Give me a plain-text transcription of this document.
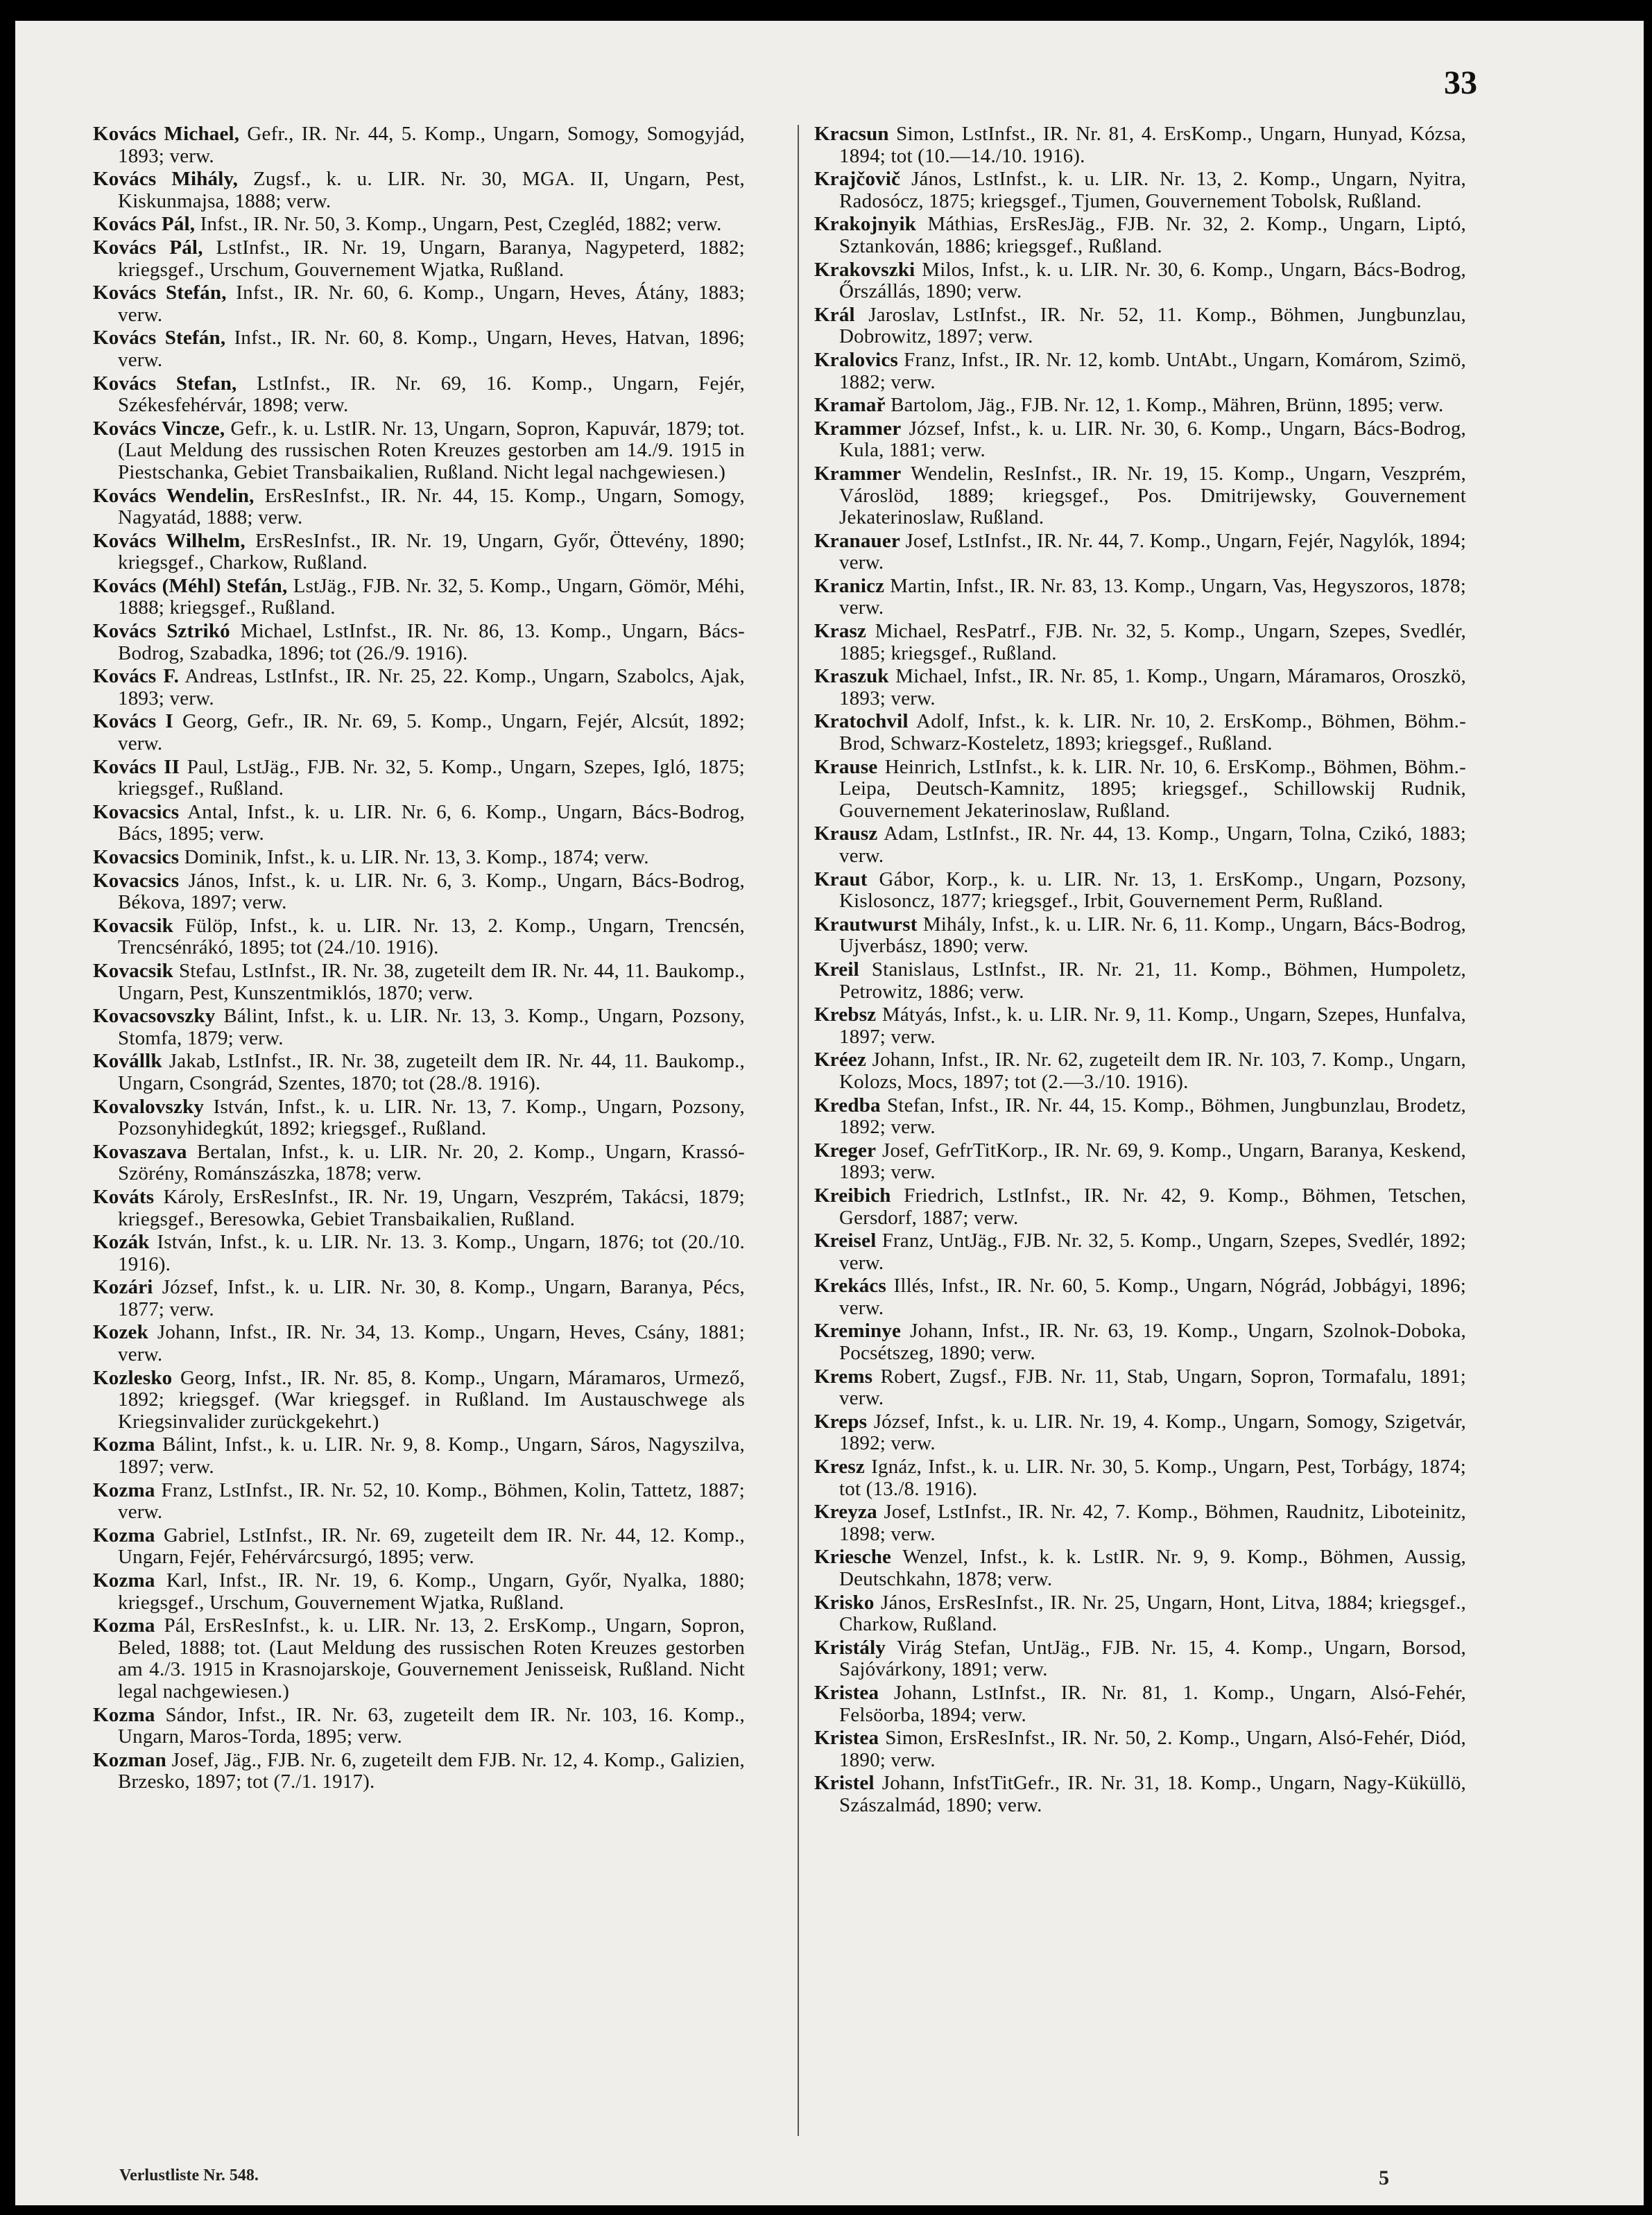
33

Kovács Michael, Gefr., IR. Nr. 44, 5. Komp., Ungarn, Somogy, Somogyjád, 1893; verw.

Kovács Mihály, Zugsf., k. u. LIR. Nr. 30, MGA. II, Ungarn, Pest, Kiskunmajsa, 1888; verw.

Kovács Pál, Infst., IR. Nr. 50, 3. Komp., Ungarn, Pest, Czegléd, 1882; verw.

Kovács Pál, LstInfst., IR. Nr. 19, Ungarn, Baranya, Nagypeterd, 1882; kriegsgef., Urschum, Gouvernement Wjatka, Rußland.

Kovács Stefán, Infst., IR. Nr. 60, 6. Komp., Ungarn, Heves, Átány, 1883; verw.

Kovács Stefán, Infst., IR. Nr. 60, 8. Komp., Ungarn, Heves, Hatvan, 1896; verw.

Kovács Stefan, LstInfst., IR. Nr. 69, 16. Komp., Ungarn, Fejér, Székesfehérvár, 1898; verw.

Kovács Vincze, Gefr., k. u. LstIR. Nr. 13, Ungarn, Sopron, Kapuvár, 1879; tot. (Laut Meldung des russischen Roten Kreuzes gestorben am 14./9. 1915 in Piestschanka, Gebiet Transbaikalien, Rußland. Nicht legal nachgewiesen.)

Kovács Wendelin, ErsResInfst., IR. Nr. 44, 15. Komp., Ungarn, Somogy, Nagyatád, 1888; verw.

Kovács Wilhelm, ErsResInfst., IR. Nr. 19, Ungarn, Győr, Öttevény, 1890; kriegsgef., Charkow, Rußland.

Kovács (Méhl) Stefán, LstJäg., FJB. Nr. 32, 5. Komp., Ungarn, Gömör, Méhi, 1888; kriegsgef., Rußland.

Kovács Sztrikó Michael, LstInfst., IR. Nr. 86, 13. Komp., Ungarn, Bács-Bodrog, Szabadka, 1896; tot (26./9. 1916).

Kovács F. Andreas, LstInfst., IR. Nr. 25, 22. Komp., Ungarn, Szabolcs, Ajak, 1893; verw.

Kovács I Georg, Gefr., IR. Nr. 69, 5. Komp., Ungarn, Fejér, Alcsút, 1892; verw.

Kovács II Paul, LstJäg., FJB. Nr. 32, 5. Komp., Ungarn, Szepes, Igló, 1875; kriegsgef., Rußland.

Kovacsics Antal, Infst., k. u. LIR. Nr. 6, 6. Komp., Ungarn, Bács-Bodrog, Bács, 1895; verw.

Kovacsics Dominik, Infst., k. u. LIR. Nr. 13, 3. Komp., 1874; verw.

Kovacsics János, Infst., k. u. LIR. Nr. 6, 3. Komp., Ungarn, Bács-Bodrog, Békova, 1897; verw.

Kovacsik Fülöp, Infst., k. u. LIR. Nr. 13, 2. Komp., Ungarn, Trencsén, Trencsénrákó, 1895; tot (24./10. 1916).

Kovacsik Stefau, LstInfst., IR. Nr. 38, zugeteilt dem IR. Nr. 44, 11. Baukomp., Ungarn, Pest, Kunszentmiklós, 1870; verw.

Kovacsovszky Bálint, Infst., k. u. LIR. Nr. 13, 3. Komp., Ungarn, Pozsony, Stomfa, 1879; verw.

Kovállk Jakab, LstInfst., IR. Nr. 38, zugeteilt dem IR. Nr. 44, 11. Baukomp., Ungarn, Csongrád, Szentes, 1870; tot (28./8. 1916).

Kovalovszky István, Infst., k. u. LIR. Nr. 13, 7. Komp., Ungarn, Pozsony, Pozsonyhidegkút, 1892; kriegsgef., Rußland.

Kovaszava Bertalan, Infst., k. u. LIR. Nr. 20, 2. Komp., Ungarn, Krassó-Szörény, Románszászka, 1878; verw.

Kováts Károly, ErsResInfst., IR. Nr. 19, Ungarn, Veszprém, Takácsi, 1879; kriegsgef., Beresowka, Gebiet Transbaikalien, Rußland.

Kozák István, Infst., k. u. LIR. Nr. 13. 3. Komp., Ungarn, 1876; tot (20./10. 1916).

Kozári József, Infst., k. u. LIR. Nr. 30, 8. Komp., Ungarn, Baranya, Pécs, 1877; verw.

Kozek Johann, Infst., IR. Nr. 34, 13. Komp., Ungarn, Heves, Csány, 1881; verw.

Kozlesko Georg, Infst., IR. Nr. 85, 8. Komp., Ungarn, Máramaros, Urmező, 1892; kriegsgef. (War kriegsgef. in Rußland. Im Austauschwege als Kriegsinvalider zurückgekehrt.)

Kozma Bálint, Infst., k. u. LIR. Nr. 9, 8. Komp., Ungarn, Sáros, Nagyszilva, 1897; verw.

Kozma Franz, LstInfst., IR. Nr. 52, 10. Komp., Böhmen, Kolin, Tattetz, 1887; verw.

Kozma Gabriel, LstInfst., IR. Nr. 69, zugeteilt dem IR. Nr. 44, 12. Komp., Ungarn, Fejér, Fehérvárcsurgó, 1895; verw.

Kozma Karl, Infst., IR. Nr. 19, 6. Komp., Ungarn, Győr, Nyalka, 1880; kriegsgef., Urschum, Gouvernement Wjatka, Rußland.

Kozma Pál, ErsResInfst., k. u. LIR. Nr. 13, 2. ErsKomp., Ungarn, Sopron, Beled, 1888; tot. (Laut Meldung des russischen Roten Kreuzes gestorben am 4./3. 1915 in Krasnojarskoje, Gouvernement Jenisseisk, Rußland. Nicht legal nachgewiesen.)

Kozma Sándor, Infst., IR. Nr. 63, zugeteilt dem IR. Nr. 103, 16. Komp., Ungarn, Maros-Torda, 1895; verw.

Kozman Josef, Jäg., FJB. Nr. 6, zugeteilt dem FJB. Nr. 12, 4. Komp., Galizien, Brzesko, 1897; tot (7./1. 1917).

Kracsun Simon, LstInfst., IR. Nr. 81, 4. ErsKomp., Ungarn, Hunyad, Kózsa, 1894; tot (10.—14./10. 1916).

Krajčovič János, LstInfst., k. u. LIR. Nr. 13, 2. Komp., Ungarn, Nyitra, Radosócz, 1875; kriegsgef., Tjumen, Gouvernement Tobolsk, Rußland.

Krakojnyik Máthias, ErsResJäg., FJB. Nr. 32, 2. Komp., Ungarn, Liptó, Sztankován, 1886; kriegsgef., Rußland.

Krakovszki Milos, Infst., k. u. LIR. Nr. 30, 6. Komp., Ungarn, Bács-Bodrog, Őrszállás, 1890; verw.

Král Jaroslav, LstInfst., IR. Nr. 52, 11. Komp., Böhmen, Jungbunzlau, Dobrowitz, 1897; verw.

Kralovics Franz, Infst., IR. Nr. 12, komb. UntAbt., Ungarn, Komárom, Szimö, 1882; verw.

Kramař Bartolom, Jäg., FJB. Nr. 12, 1. Komp., Mähren, Brünn, 1895; verw.

Krammer József, Infst., k. u. LIR. Nr. 30, 6. Komp., Ungarn, Bács-Bodrog, Kula, 1881; verw.

Krammer Wendelin, ResInfst., IR. Nr. 19, 15. Komp., Ungarn, Veszprém, Városlöd, 1889; kriegsgef., Pos. Dmitrijewsky, Gouvernement Jekaterinoslaw, Rußland.

Kranauer Josef, LstInfst., IR. Nr. 44, 7. Komp., Ungarn, Fejér, Nagylók, 1894; verw.

Kranicz Martin, Infst., IR. Nr. 83, 13. Komp., Ungarn, Vas, Hegyszoros, 1878; verw.

Krasz Michael, ResPatrf., FJB. Nr. 32, 5. Komp., Ungarn, Szepes, Svedlér, 1885; kriegsgef., Rußland.

Kraszuk Michael, Infst., IR. Nr. 85, 1. Komp., Ungarn, Máramaros, Oroszkö, 1893; verw.

Kratochvil Adolf, Infst., k. k. LIR. Nr. 10, 2. ErsKomp., Böhmen, Böhm.-Brod, Schwarz-Kosteletz, 1893; kriegsgef., Rußland.

Krause Heinrich, LstInfst., k. k. LIR. Nr. 10, 6. ErsKomp., Böhmen, Böhm.-Leipa, Deutsch-Kamnitz, 1895; kriegsgef., Schillowskij Rudnik, Gouvernement Jekaterinoslaw, Rußland.

Krausz Adam, LstInfst., IR. Nr. 44, 13. Komp., Ungarn, Tolna, Czikó, 1883; verw.

Kraut Gábor, Korp., k. u. LIR. Nr. 13, 1. ErsKomp., Ungarn, Pozsony, Kislosoncz, 1877; kriegsgef., Irbit, Gouvernement Perm, Rußland.

Krautwurst Mihály, Infst., k. u. LIR. Nr. 6, 11. Komp., Ungarn, Bács-Bodrog, Ujverbász, 1890; verw.

Kreil Stanislaus, LstInfst., IR. Nr. 21, 11. Komp., Böhmen, Humpoletz, Petrowitz, 1886; verw.

Krebsz Mátyás, Infst., k. u. LIR. Nr. 9, 11. Komp., Ungarn, Szepes, Hunfalva, 1897; verw.

Kréez Johann, Infst., IR. Nr. 62, zugeteilt dem IR. Nr. 103, 7. Komp., Ungarn, Kolozs, Mocs, 1897; tot (2.—3./10. 1916).

Kredba Stefan, Infst., IR. Nr. 44, 15. Komp., Böhmen, Jungbunzlau, Brodetz, 1892; verw.

Kreger Josef, GefrTitKorp., IR. Nr. 69, 9. Komp., Ungarn, Baranya, Keskend, 1893; verw.

Kreibich Friedrich, LstInfst., IR. Nr. 42, 9. Komp., Böhmen, Tetschen, Gersdorf, 1887; verw.

Kreisel Franz, UntJäg., FJB. Nr. 32, 5. Komp., Ungarn, Szepes, Svedlér, 1892; verw.

Krekács Illés, Infst., IR. Nr. 60, 5. Komp., Ungarn, Nógrád, Jobbágyi, 1896; verw.

Kreminye Johann, Infst., IR. Nr. 63, 19. Komp., Ungarn, Szolnok-Doboka, Pocsétszeg, 1890; verw.

Krems Robert, Zugsf., FJB. Nr. 11, Stab, Ungarn, Sopron, Tormafalu, 1891; verw.

Kreps József, Infst., k. u. LIR. Nr. 19, 4. Komp., Ungarn, Somogy, Szigetvár, 1892; verw.

Kresz Ignáz, Infst., k. u. LIR. Nr. 30, 5. Komp., Ungarn, Pest, Torbágy, 1874; tot (13./8. 1916).

Kreyza Josef, LstInfst., IR. Nr. 42, 7. Komp., Böhmen, Raudnitz, Liboteinitz, 1898; verw.

Kriesche Wenzel, Infst., k. k. LstIR. Nr. 9, 9. Komp., Böhmen, Aussig, Deutschkahn, 1878; verw.

Krisko János, ErsResInfst., IR. Nr. 25, Ungarn, Hont, Litva, 1884; kriegsgef., Charkow, Rußland.

Kristály Virág Stefan, UntJäg., FJB. Nr. 15, 4. Komp., Ungarn, Borsod, Sajóvárkony, 1891; verw.

Kristea Johann, LstInfst., IR. Nr. 81, 1. Komp., Ungarn, Alsó-Fehér, Felsöorba, 1894; verw.

Kristea Simon, ErsResInfst., IR. Nr. 50, 2. Komp., Ungarn, Alsó-Fehér, Diód, 1890; verw.

Kristel Johann, InfstTitGefr., IR. Nr. 31, 18. Komp., Ungarn, Nagy-Küküllö, Szászalmád, 1890; verw.

Verlustliste Nr. 548.	5
